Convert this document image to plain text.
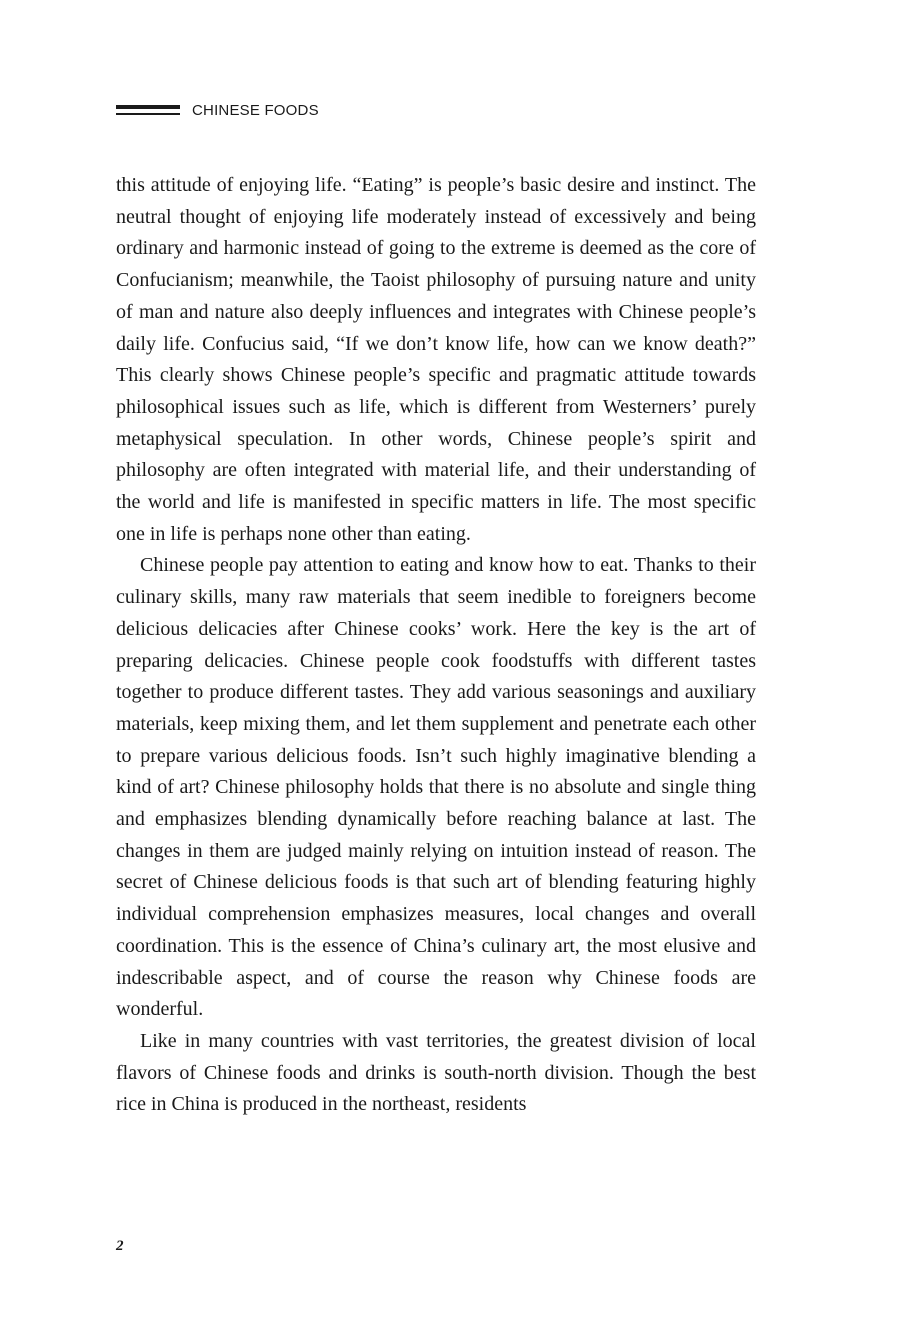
CHINESE FOODS

this attitude of enjoying life. “Eating” is people’s basic desire and instinct. The neutral thought of enjoying life moderately instead of excessively and being ordinary and harmonic instead of going to the extreme is deemed as the core of Confucianism; meanwhile, the Taoist philosophy of pursuing nature and unity of man and nature also deeply influences and integrates with Chinese people’s daily life. Confucius said, “If we don’t know life, how can we know death?” This clearly shows Chinese people’s specific and pragmatic attitude towards philosophical issues such as life, which is different from Westerners’ purely metaphysical speculation. In other words, Chinese people’s spirit and philosophy are often integrated with material life, and their understanding of the world and life is manifested in specific matters in life. The most specific one in life is perhaps none other than eating.

Chinese people pay attention to eating and know how to eat. Thanks to their culinary skills, many raw materials that seem inedible to foreigners become delicious delicacies after Chinese cooks’ work. Here the key is the art of preparing delicacies. Chinese people cook foodstuffs with different tastes together to produce different tastes. They add various seasonings and auxiliary materials, keep mixing them, and let them supplement and penetrate each other to prepare various delicious foods. Isn’t such highly imaginative blending a kind of art? Chinese philosophy holds that there is no absolute and single thing and emphasizes blending dynamically before reaching balance at last. The changes in them are judged mainly relying on intuition instead of reason. The secret of Chinese delicious foods is that such art of blending featuring highly individual comprehension emphasizes measures, local changes and overall coordination. This is the essence of China’s culinary art, the most elusive and indescribable aspect, and of course the reason why Chinese foods are wonderful.

Like in many countries with vast territories, the greatest division of local flavors of Chinese foods and drinks is south-north division. Though the best rice in China is produced in the northeast, residents

2
